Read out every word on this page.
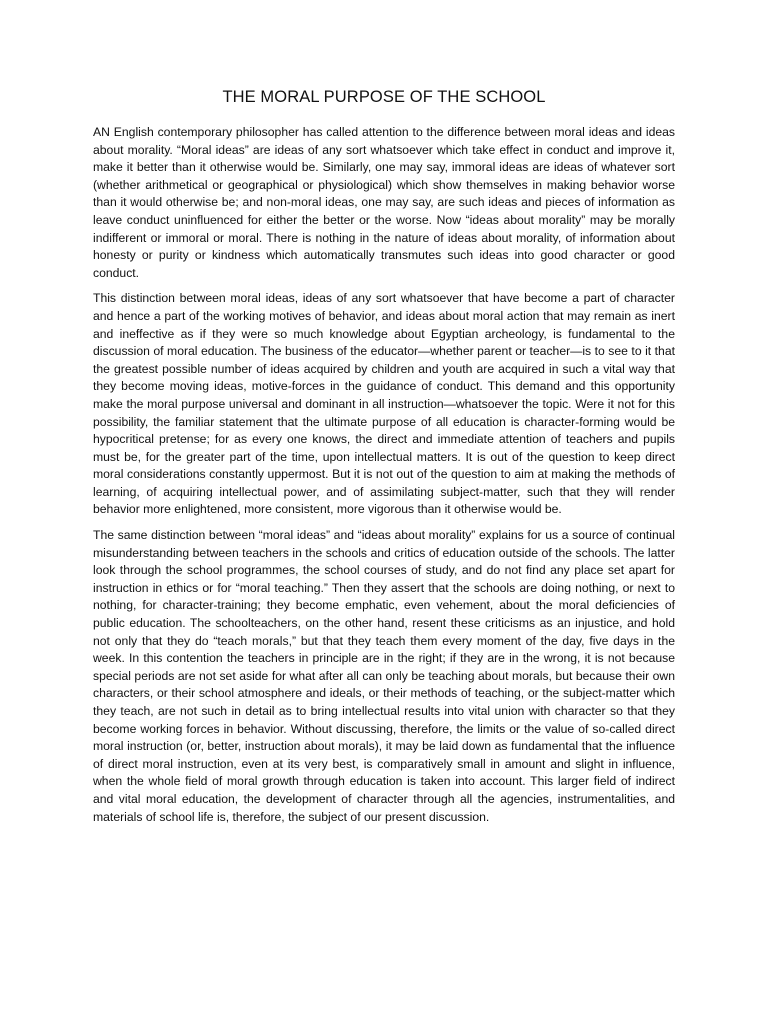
THE MORAL PURPOSE OF THE SCHOOL

AN English contemporary philosopher has called attention to the difference between moral ideas and ideas about morality. “Moral ideas” are ideas of any sort whatsoever which take effect in conduct and improve it, make it better than it otherwise would be. Similarly, one may say, immoral ideas are ideas of whatever sort (whether arithmetical or geographical or physiological) which show themselves in making behavior worse than it would otherwise be; and non-moral ideas, one may say, are such ideas and pieces of information as leave conduct uninfluenced for either the better or the worse. Now “ideas about morality” may be morally indifferent or immoral or moral. There is nothing in the nature of ideas about morality, of information about honesty or purity or kindness which automatically transmutes such ideas into good character or good conduct.

This distinction between moral ideas, ideas of any sort whatsoever that have become a part of character and hence a part of the working motives of behavior, and ideas about moral action that may remain as inert and ineffective as if they were so much knowledge about Egyptian archeology, is fundamental to the discussion of moral education. The business of the educator—whether parent or teacher—is to see to it that the greatest possible number of ideas acquired by children and youth are acquired in such a vital way that they become moving ideas, motive-forces in the guidance of conduct. This demand and this opportunity make the moral purpose universal and dominant in all instruction—whatsoever the topic. Were it not for this possibility, the familiar statement that the ultimate purpose of all education is character-forming would be hypocritical pretense; for as every one knows, the direct and immediate attention of teachers and pupils must be, for the greater part of the time, upon intellectual matters. It is out of the question to keep direct moral considerations constantly uppermost. But it is not out of the question to aim at making the methods of learning, of acquiring intellectual power, and of assimilating subject-matter, such that they will render behavior more enlightened, more consistent, more vigorous than it otherwise would be.

The same distinction between “moral ideas” and “ideas about morality” explains for us a source of continual misunderstanding between teachers in the schools and critics of education outside of the schools. The latter look through the school programmes, the school courses of study, and do not find any place set apart for instruction in ethics or for “moral teaching.” Then they assert that the schools are doing nothing, or next to nothing, for character-training; they become emphatic, even vehement, about the moral deficiencies of public education. The schoolteachers, on the other hand, resent these criticisms as an injustice, and hold not only that they do “teach morals,” but that they teach them every moment of the day, five days in the week. In this contention the teachers in principle are in the right; if they are in the wrong, it is not because special periods are not set aside for what after all can only be teaching about morals, but because their own characters, or their school atmosphere and ideals, or their methods of teaching, or the subject-matter which they teach, are not such in detail as to bring intellectual results into vital union with character so that they become working forces in behavior. Without discussing, therefore, the limits or the value of so-called direct moral instruction (or, better, instruction about morals), it may be laid down as fundamental that the influence of direct moral instruction, even at its very best, is comparatively small in amount and slight in influence, when the whole field of moral growth through education is taken into account. This larger field of indirect and vital moral education, the development of character through all the agencies, instrumentalities, and materials of school life is, therefore, the subject of our present discussion.
